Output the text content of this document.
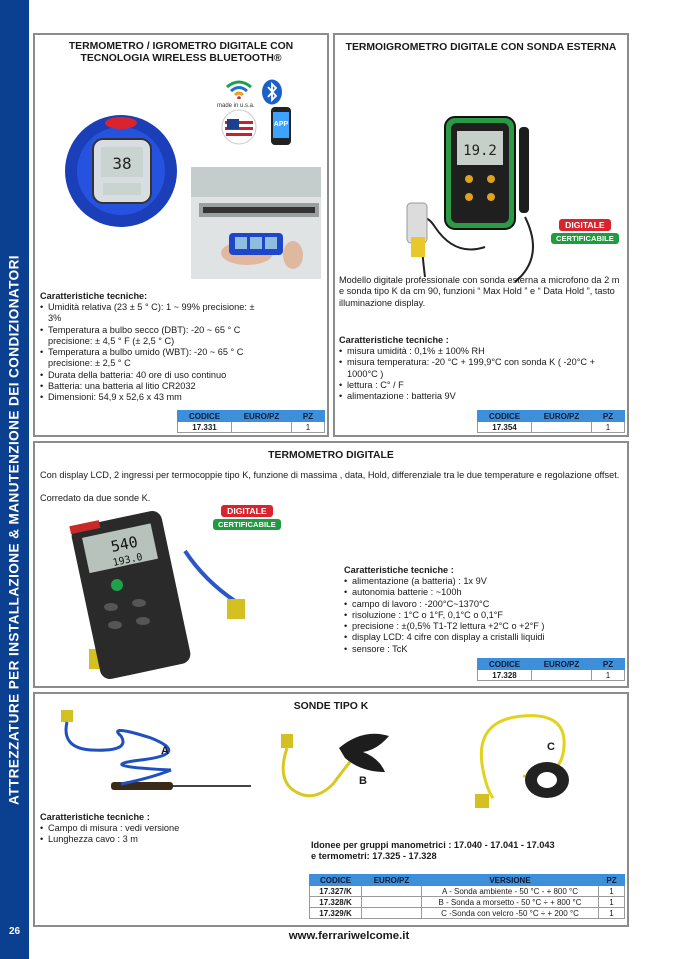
ATTREZZATURE PER INSTALLAZIONE & MANUTENZIONE DEI CONDIZIONATORI
26
TERMOMETRO / IGROMETRO DIGITALE CON
TECNOLOGIA WIRELESS BLUETOOTH®
38
made in u.s.a.
APP
Caratteristiche tecniche:
• Umidità relativa (23 ± 5 ° C): 1 ~ 99% precisione: ± 3%
• Temperatura a bulbo secco (DBT): -20 ~ 65 ° C precisione: ± 4,5 ° F (± 2,5 ° C)
• Temperatura a bulbo umido (WBT): -20 ~ 65 ° C precisione: ± 2,5 ° C
• Durata della batteria: 40 ore di uso continuo
• Batteria: una batteria al litio CR2032
• Dimensioni: 54,9 x 52,6 x 43 mm
CODICE	EURO/PZ	PZ
17.331		1
TERMOIGROMETRO DIGITALE CON SONDA ESTERNA
19.2
DIGITALE
CERTIFICABILE
Modello digitale professionale con sonda esterna a microfono da 2 m e sonda tipo K da cm 90, funzioni “ Max Hold ” e “ Data Hold ”, tasto illuminazione display.
Caratteristiche tecniche :
• misura umidità : 0,1% ± 100% RH
• misura temperatura: -20 °C + 199,9°C con sonda K ( -20°C + 1000°C )
• lettura : C° / F
• alimentazione : batteria 9V
CODICE	EURO/PZ	PZ
17.354		1
TERMOMETRO DIGITALE
Con display LCD, 2 ingressi per termocoppie tipo K, funzione di massima , data, Hold, differenziale tra le due temperature e regolazione offset.
Corredato da due sonde K.
540
193.0
DIGITALE
CERTIFICABILE
Caratteristiche tecniche :
• alimentazione (a batteria) : 1x 9V
• autonomia batterie : ~100h
• campo di lavoro : -200°C~1370°C
• risoluzione : 1°C o 1°F, 0,1°C o 0,1°F
• precisione : ±(0,5% T1-T2 lettura +2°C o +2°F )
• display LCD: 4 cifre con display a cristalli liquidi
• sensore : TcK
CODICE	EURO/PZ	PZ
17.328		1
SONDE TIPO K
A
B
C
Caratteristiche tecniche :
• Campo di misura : vedi versione
• Lunghezza cavo : 3 m
Idonee per gruppi manometrici : 17.040 - 17.041 - 17.043
e termometri: 17.325 - 17.328
CODICE	EURO/PZ	VERSIONE	PZ
17.327/K		A - Sonda ambiente - 50 °C - + 800 °C	1
17.328/K		B - Sonda a morsetto - 50 °C ÷ + 800 °C	1
17.329/K		C -Sonda con velcro -50 °C ÷ + 200 °C	1
www.ferrariwelcome.it
